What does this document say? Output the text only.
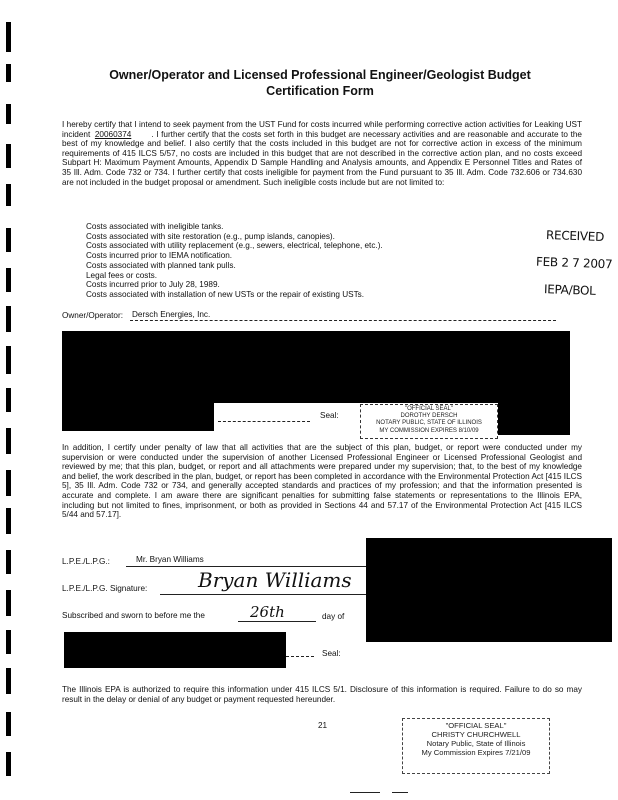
Owner/Operator and Licensed Professional Engineer/Geologist Budget
Certification Form
I hereby certify that I intend to seek payment from the UST Fund for costs incurred while performing corrective action activities for Leaking UST incident 20060374 . I further certify that the costs set forth in this budget are necessary activities and are reasonable and accurate to the best of my knowledge and belief. I also certify that the costs included in this budget are not for corrective action in excess of the minimum requirements of 415 ILCS 5/57, no costs are included in this budget that are not described in the corrective action plan, and no costs exceed Subpart H: Maximum Payment Amounts, Appendix D Sample Handling and Analysis amounts, and Appendix E Personnel Titles and Rates of 35 Ill. Adm. Code 732 or 734. I further certify that costs ineligible for payment from the Fund pursuant to 35 Ill. Adm. Code 732.606 or 734.630 are not included in the budget proposal or amendment. Such ineligible costs include but are not limited to:
Costs associated with ineligible tanks.
Costs associated with site restoration (e.g., pump islands, canopies).
Costs associated with utility replacement (e.g., sewers, electrical, telephone, etc.).
Costs incurred prior to IEMA notification.
Costs associated with planned tank pulls.
Legal fees or costs.
Costs incurred prior to July 28, 1989.
Costs associated with installation of new USTs or the repair of existing USTs.
RECEIVED
FEB 2 7 2007
IEPA/BOL
Owner/Operator: Dersch Energies, Inc.
Seal:
"OFFICIAL SEAL"
DOROTHY DERSCH
NOTARY PUBLIC, STATE OF ILLINOIS
MY COMMISSION EXPIRES 8/10/09
In addition, I certify under penalty of law that all activities that are the subject of this plan, budget, or report were conducted under my supervision or were conducted under the supervision of another Licensed Professional Engineer or Licensed Professional Geologist and reviewed by me; that this plan, budget, or report and all attachments were prepared under my supervision; that, to the best of my knowledge and belief, the work described in the plan, budget, or report has been completed in accordance with the Environmental Protection Act [415 ILCS 5], 35 Ill. Adm. Code 732 or 734, and generally accepted standards and practices of my profession; and that the information presented is accurate and complete. I am aware there are significant penalties for submitting false statements or representations to the Illinois EPA, including but not limited to fines, imprisonment, or both as provided in Sections 44 and 57.17 of the Environmental Protection Act [415 ILCS 5/44 and 57.17].
L.P.E./L.P.G.:	Mr. Bryan Williams
L.P.E./L.P.G. Signature:	Bryan Williams
Subscribed and sworn to before me the	26th	day of

Seal:
The Illinois EPA is authorized to require this information under 415 ILCS 5/1. Disclosure of this information is required. Failure to do so may result in the delay or denial of any budget or payment requested hereunder.
21	"OFFICIAL SEAL"
CHRISTY CHURCHWELL
Notary Public, State of Illinois
My Commission Expires 7/21/09
